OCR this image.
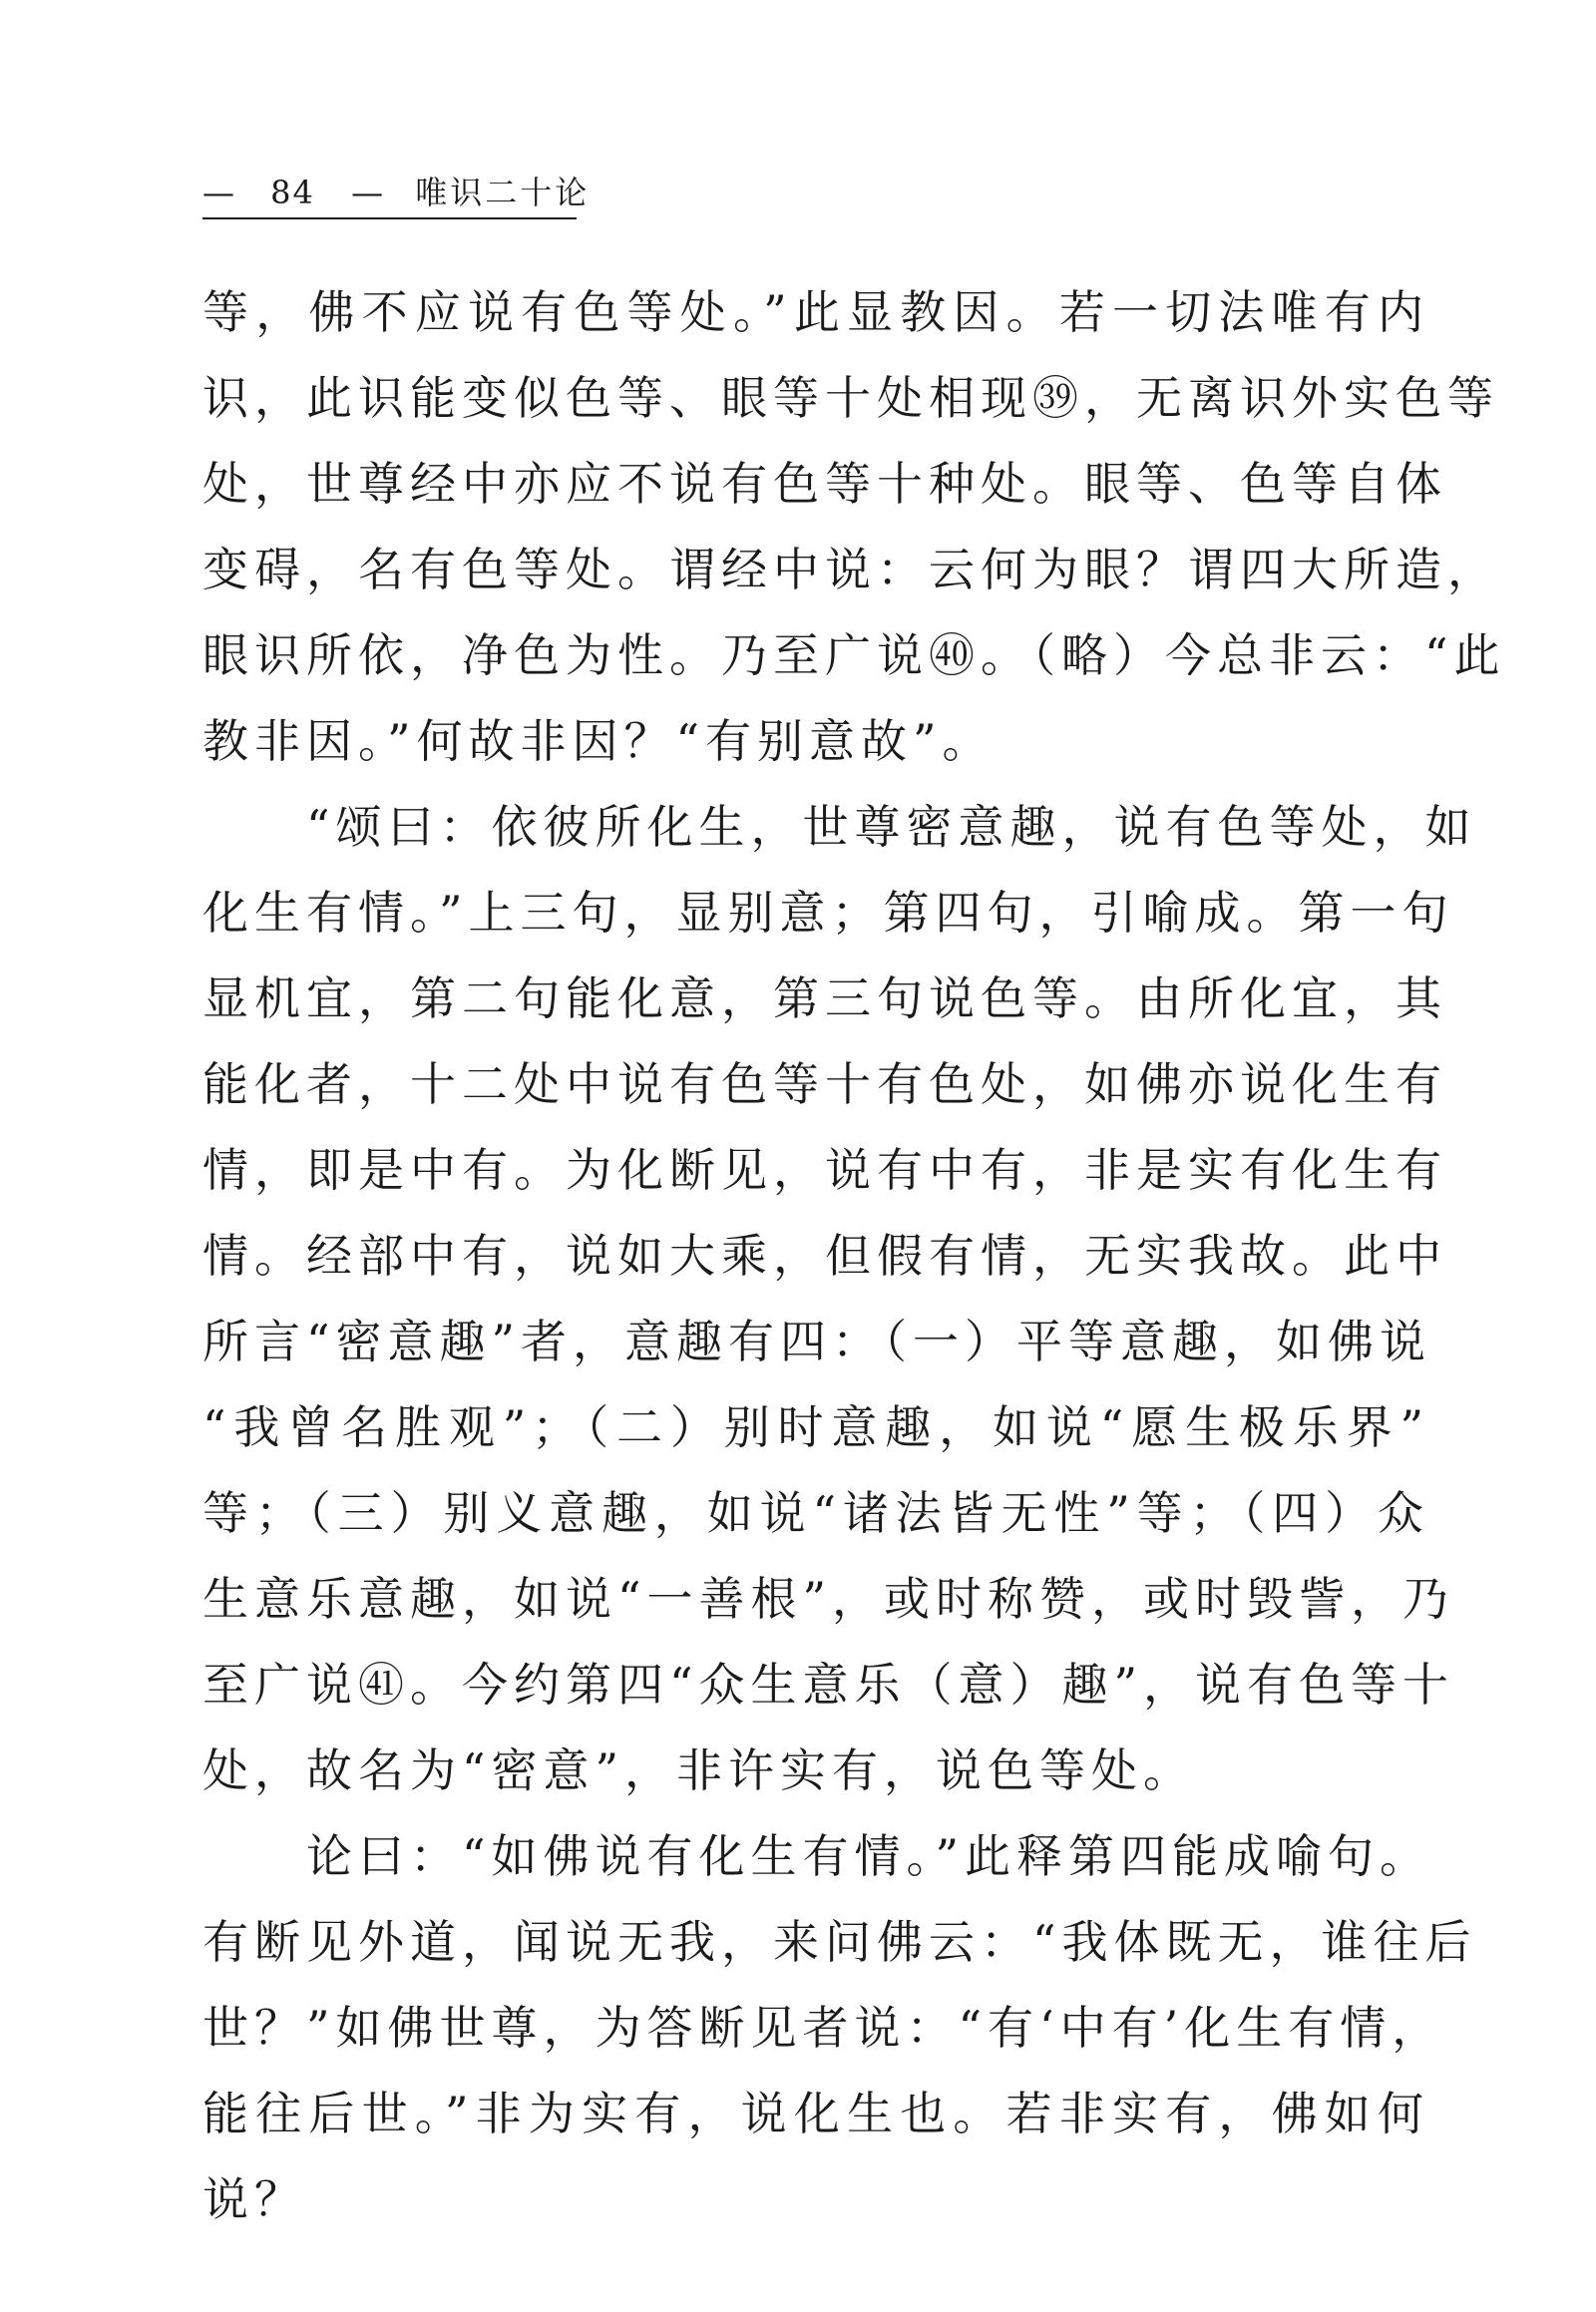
— 84 — 唯识二十论
等，佛不应说有色等处。”此显教因。若一切法唯有内
识，此识能变似色等、眼等十处相现㊴，无离识外实色等
处，世尊经中亦应不说有色等十种处。眼等、色等自体
变碍，名有色等处。谓经中说：云何为眼？谓四大所造，
眼识所依，净色为性。乃至广说㊵。（略）今总非云：“此
教非因。”何故非因？“有别意故”。
“颂曰：依彼所化生，世尊密意趣，说有色等处，如
化生有情。”上三句，显别意；第四句，引喻成。第一句
显机宜，第二句能化意，第三句说色等。由所化宜，其
能化者，十二处中说有色等十有色处，如佛亦说化生有
情，即是中有。为化断见，说有中有，非是实有化生有
情。经部中有，说如大乘，但假有情，无实我故。此中
所言“密意趣”者，意趣有四：（一）平等意趣，如佛说
“我曾名胜观”；（二）别时意趣，如说“愿生极乐界”
等；（三）别义意趣，如说“诸法皆无性”等；（四）众
生意乐意趣，如说“一善根”，或时称赞，或时毁訾，乃
至广说㊶。今约第四“众生意乐（意）趣”，说有色等十
处，故名为“密意”，非许实有，说色等处。
论曰：“如佛说有化生有情。”此释第四能成喻句。
有断见外道，闻说无我，来问佛云：“我体既无，谁往后
世？”如佛世尊，为答断见者说：“有‘中有’化生有情，
能往后世。”非为实有，说化生也。若非实有，佛如何
说？
